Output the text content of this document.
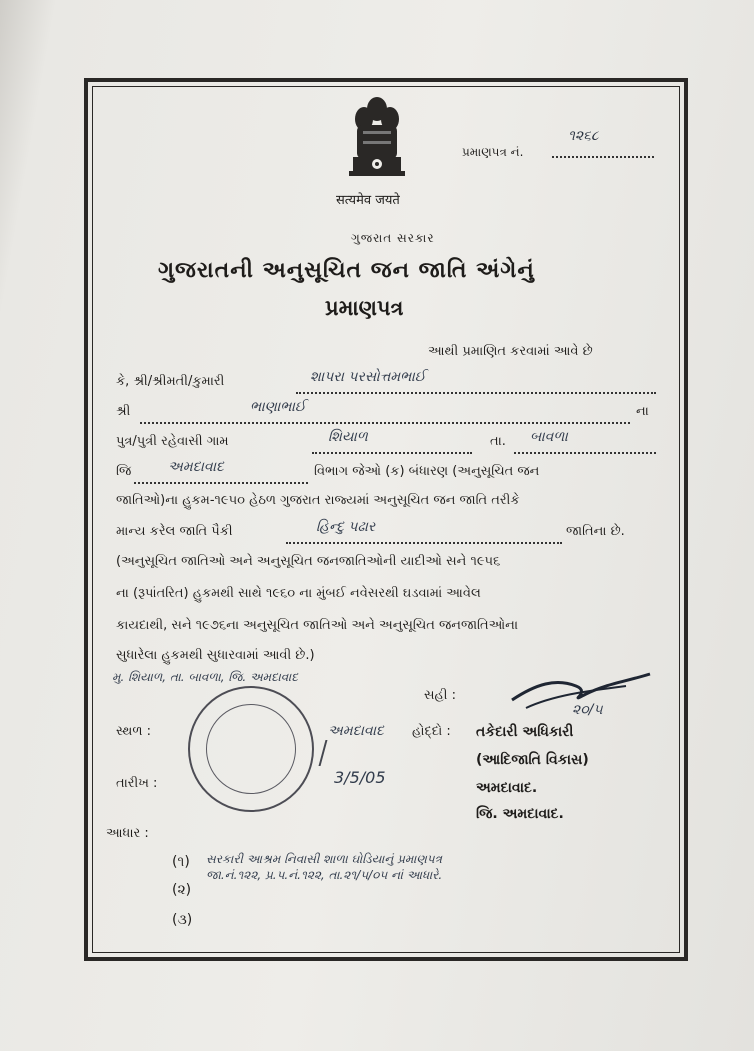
सत्यमेव जयते
પ્રમાણપત્ર નં.
૧૨૬૮
ગુજરાત સરકાર
ગુજરાતની અનુસૂચિત જન જાતિ અંગેનું
પ્રમાણપત્ર
આથી પ્રમાણિત કરવામાં આવે છે
કે, શ્રી/શ્રીમતી/કુમારી	શાપરા પરસોત્તમભાઈ
શ્રી	ભાણાભાઈ	ના
પુત્ર/પુત્રી રહેવાસી ગામ	શિયાળ	તા. બાવળા
જિ	અમદાવાદ	વિભાગ જેઓ (ક) બંધારણ (અનુસૂચિત જન
જાતિઓ)ના હુકમ-૧૯૫૦ હેઠળ ગુજરાત રાજ્યમાં અનુસૂચિત જન જાતિ તરીકે
માન્ય કરેલ જાતિ પૈકી	હિન્દુ પઢાર	જાતિના છે.
(અનુસૂચિત જાતિઓ અને અનુસૂચિત જનજાતિઓની યાદીઓ સને ૧૯૫૬
ના (રૂપાંતરિત) હુકમથી સાથે ૧૯૬૦ ના મુંબઈ નવેસરથી ઘડવામાં આવેલ
કાયદાથી, સને ૧૯૭૬ના અનુસૂચિત જાતિઓ અને અનુસૂચિત જનજાતિઓના
સુધારેલા હુકમથી સુધારવામાં આવી છે.)
મુ. શિયાળ, તા. બાવળા, જિ. અમદાવાદ
સહી :
૨૦/૫
સ્થળ :	અમદાવાદ હોદ્દો : તકેદારી અધિકારી
(આદિજાતિ વિકાસ)
અમદાવાદ.
જિ. અમદાવાદ.
તારીખ :	3/5/05
આધાર :
(૧) સરકારી આશ્રમ નિવાસી શાળા ઘોડિયાનું પ્રમાણપત્ર
જા.નં.૧૨૨, પ્ર.પ.નં.૧૨૨, તા.૨૧/૫/૦૫ નાં આધારે.
(૨)
(૩)
